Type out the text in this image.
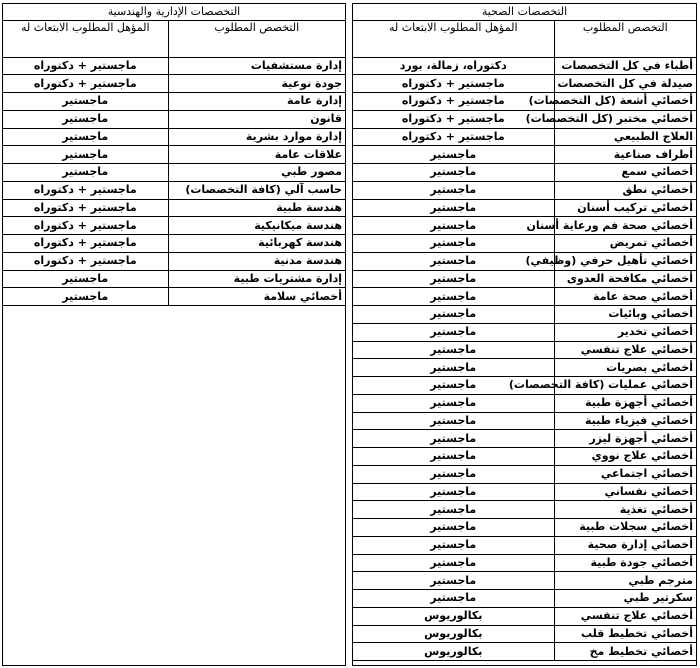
التخصصات الصحية
التخصص المطلوب	المؤهل المطلوب الابتعاث له
أطباء في كل التخصصات	دكتوراه، زمالة، بورد
صيدلة في كل التخصصات	ماجستير + دكتوراه
أخصائي أشعة (كل التخصصات)	ماجستير + دكتوراه
أخصائي مختبر (كل التخصصات)	ماجستير + دكتوراه
العلاج الطبيعي	ماجستير + دكتوراه
أطراف صناعية	ماجستير
أخصائي سمع	ماجستير
أخصائي نطق	ماجستير
أخصائي تركيب أسنان	ماجستير
أخصائي صحة فم ورعاية أسنان	ماجستير
أخصائي تمريض	ماجستير
أخصائي تأهيل حرفي (وظيفي)	ماجستير
أخصائي مكافحة العدوى	ماجستير
أخصائي صحة عامة	ماجستير
أخصائي وبائيات	ماجستير
أخصائي تخدير	ماجستير
أخصائي علاج تنفسي	ماجستير
أخصائي بصريات	ماجستير
أخصائي عمليات (كافة التخصصات)	ماجستير
أخصائي أجهزة طبية	ماجستير
أخصائي فيزياء طبية	ماجستير
أخصائي أجهزة ليزر	ماجستير
أخصائي علاج نووي	ماجستير
أخصائي اجتماعي	ماجستير
أخصائي نفساني	ماجستير
أخصائي تغذية	ماجستير
أخصائي سجلات طبية	ماجستير
أخصائي إدارة صحية	ماجستير
أخصائي جودة طبية	ماجستير
مترجم طبي	ماجستير
سكرتير طبي	ماجستير
أخصائي علاج تنفسي	بكالوريوس
أخصائي تخطيط قلب	بكالوريوس
أخصائي تخطيط مخ	بكالوريوس
التخصصات الإدارية والهندسية
التخصص المطلوب	المؤهل المطلوب الابتعاث له
إدارة مستشفيات	ماجستير + دكتوراه
جودة نوعية	ماجستير + دكتوراه
إدارة عامة	ماجستير
قانون	ماجستير
إدارة موارد بشرية	ماجستير
علاقات عامة	ماجستير
مصور طبي	ماجستير
حاسب آلي (كافة التخصصات)	ماجستير + دكتوراه
هندسة طبية	ماجستير + دكتوراه
هندسة ميكانيكية	ماجستير + دكتوراه
هندسة كهربائية	ماجستير + دكتوراه
هندسة مدنية	ماجستير + دكتوراه
إدارة مشتريات طبية	ماجستير
أخصائي سلامة	ماجستير
